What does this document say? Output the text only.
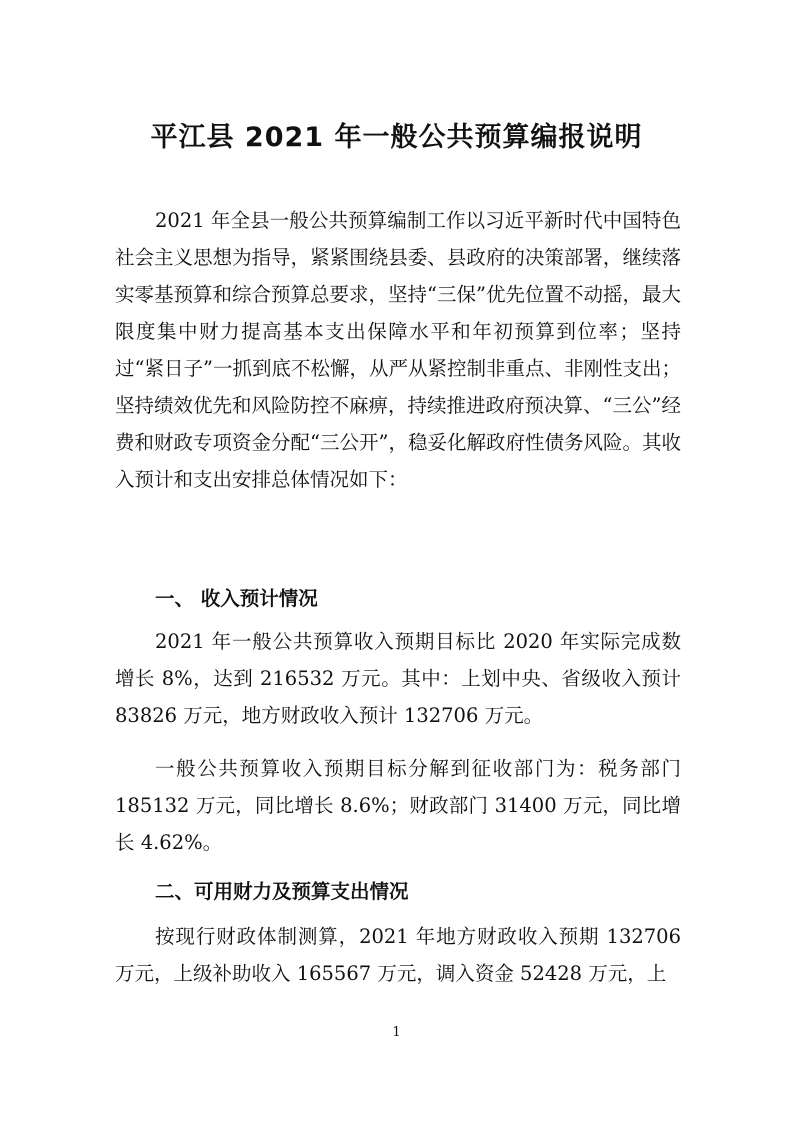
平江县 2021 年一般公共预算编报说明

2021 年全县一般公共预算编制工作以习近平新时代中国特色社会主义思想为指导，紧紧围绕县委、县政府的决策部署，继续落实零基预算和综合预算总要求，坚持“三保”优先位置不动摇，最大限度集中财力提高基本支出保障水平和年初预算到位率；坚持过“紧日子”一抓到底不松懈，从严从紧控制非重点、非刚性支出；坚持绩效优先和风险防控不麻痹，持续推进政府预决算、“三公”经费和财政专项资金分配“三公开”，稳妥化解政府性债务风险。其收入预计和支出安排总体情况如下：

一、 收入预计情况

2021 年一般公共预算收入预期目标比 2020 年实际完成数增长 8%，达到 216532 万元。其中：上划中央、省级收入预计 83826 万元，地方财政收入预计 132706 万元。

一般公共预算收入预期目标分解到征收部门为：税务部门 185132 万元，同比增长 8.6%；财政部门 31400 万元，同比增长 4.62%。

二、可用财力及预算支出情况

按现行财政体制测算，2021 年地方财政收入预期 132706 万元，上级补助收入 165567 万元，调入资金 52428 万元，上

1
